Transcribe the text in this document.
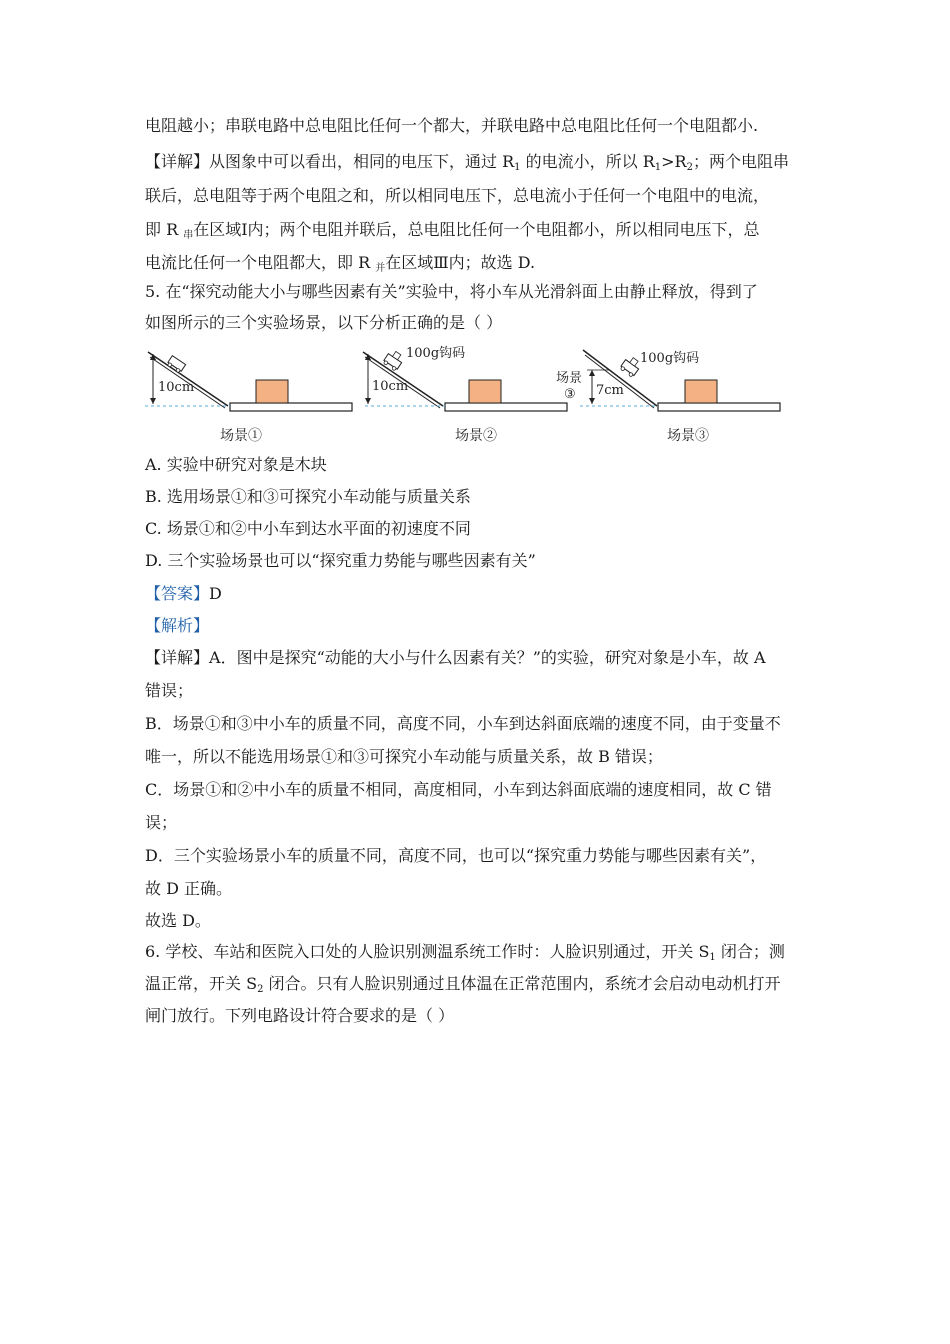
电阻越小；串联电路中总电阻比任何一个都大，并联电路中总电阻比任何一个电阻都小.
【详解】从图象中可以看出，相同的电压下，通过 $R_1$ 的电流小，所以 $R_1>R_2$；两个电阻串
联后，总电阻等于两个电阻之和，所以相同电压下，总电流小于任何一个电阻中的电流，
即 R $_串$在区域Ⅰ内；两个电阻并联后，总电阻比任何一个电阻都小，所以相同电压下，总
电流比任何一个电阻都大，即 R $_并$在区域Ⅲ内；故选 D.
5. 在“探究动能大小与哪些因素有关”实验中，将小车从光滑斜面上由静止释放，得到了
如图所示的三个实验场景，以下分析正确的是（ ）
10cm
场景①
100g钩码
10cm
场景②
100g钩码
场景
③ 7cm
场景③
A. 实验中研究对象是木块
B. 选用场景①和③可探究小车动能与质量关系
C. 场景①和②中小车到达水平面的初速度不同
D. 三个实验场景也可以“探究重力势能与哪些因素有关”
【答案】D
【解析】
【详解】A．图中是探究“动能的大小与什么因素有关？”的实验，研究对象是小车，故 A
错误；
B．场景①和③中小车的质量不同，高度不同，小车到达斜面底端的速度不同，由于变量不
唯一，所以不能选用场景①和③可探究小车动能与质量关系，故 B 错误；
C．场景①和②中小车的质量不相同，高度相同，小车到达斜面底端的速度相同，故 C 错
误；
D．三个实验场景小车的质量不同，高度不同，也可以“探究重力势能与哪些因素有关”，
故 D 正确。
故选 D。
6. 学校、车站和医院入口处的人脸识别测温系统工作时：人脸识别通过，开关 $S_1$ 闭合；测
温正常，开关 $S_2$ 闭合。只有人脸识别通过且体温在正常范围内，系统才会启动电动机打开
闸门放行。下列电路设计符合要求的是（ ）
